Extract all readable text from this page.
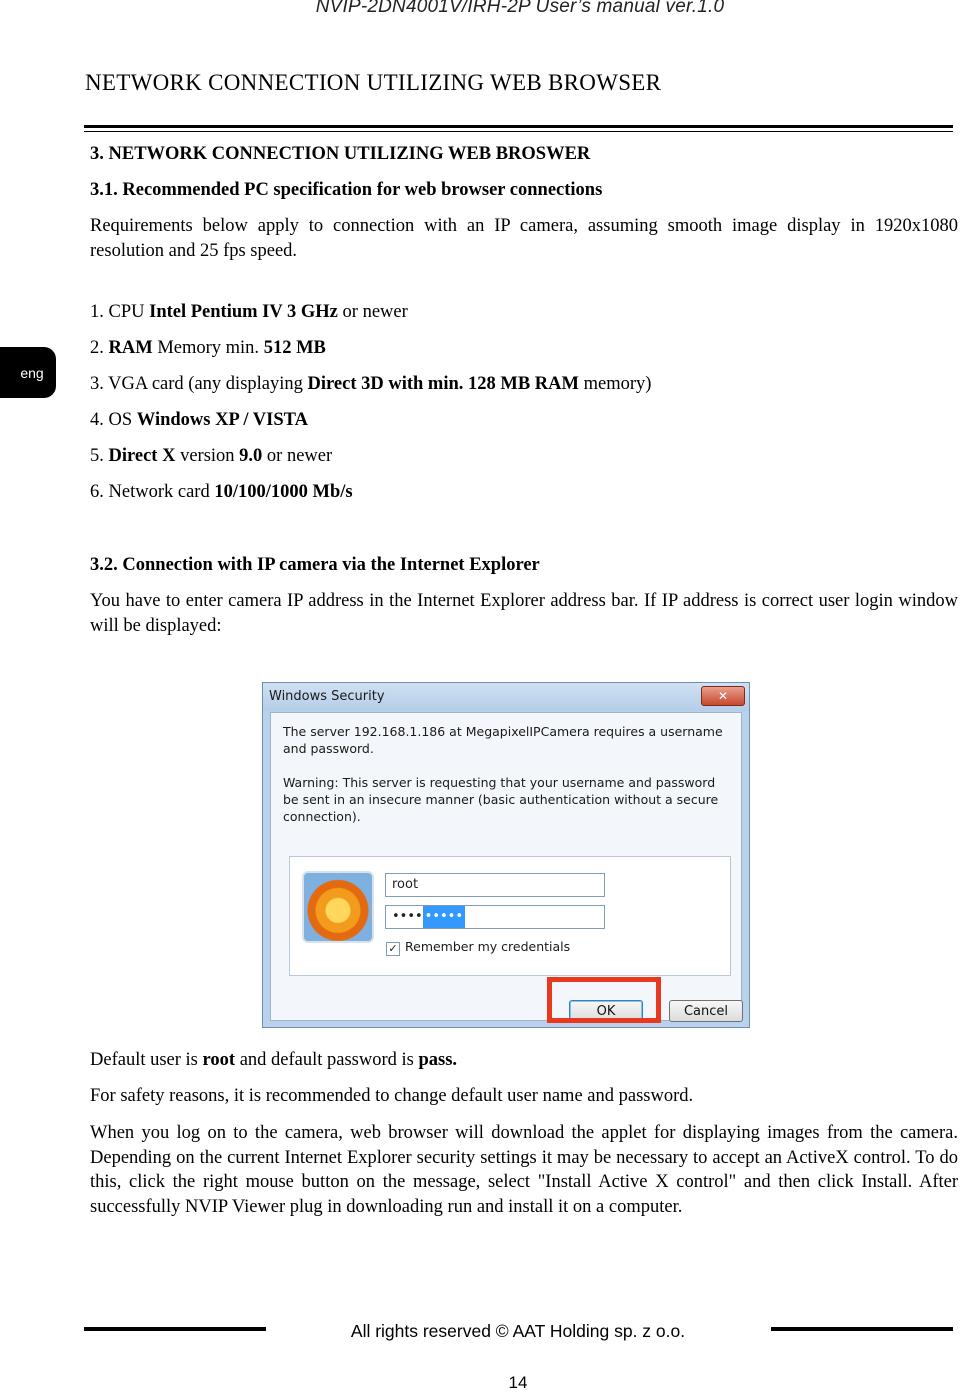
NVIP-2DN4001V/IRH-2P User’s manual ver.1.0
NETWORK CONNECTION UTILIZING WEB BROWSER
eng
3. NETWORK CONNECTION UTILIZING WEB BROSWER
3.1. Recommended PC specification for web browser connections
Requirements below apply to connection with an IP camera, assuming smooth image display in 1920x1080 resolution and 25 fps speed.
1. CPU Intel Pentium IV 3 GHz or newer
2. RAM Memory min. 512 MB
3. VGA card (any displaying Direct 3D with min. 128 MB RAM memory)
4. OS Windows XP / VISTA
5. Direct X version 9.0 or newer
6. Network card 10/100/1000 Mb/s
3.2. Connection with IP camera via the Internet Explorer
You have to enter camera IP address in the Internet Explorer address bar. If IP address is correct user login window will be displayed:
Windows Security	✕
The server 192.168.1.186 at MegapixelIPCamera requires a username and password.
Warning: This server is requesting that your username and password be sent in an insecure manner (basic authentication without a secure connection).
root
•••• •••••
✓ Remember my credentials
OK	Cancel
Default user is root and default password is pass.
For safety reasons, it is recommended to change default user name and password.
When you log on to the camera, web browser will download the applet for displaying images from the camera. Depending on the current Internet Explorer security settings it may be necessary to accept an ActiveX control. To do this, click the right mouse button on the message, select "Install Active X control" and then click Install. After successfully NVIP Viewer plug in downloading run and install it on a computer.
All rights reserved © AAT Holding sp. z o.o.
14
